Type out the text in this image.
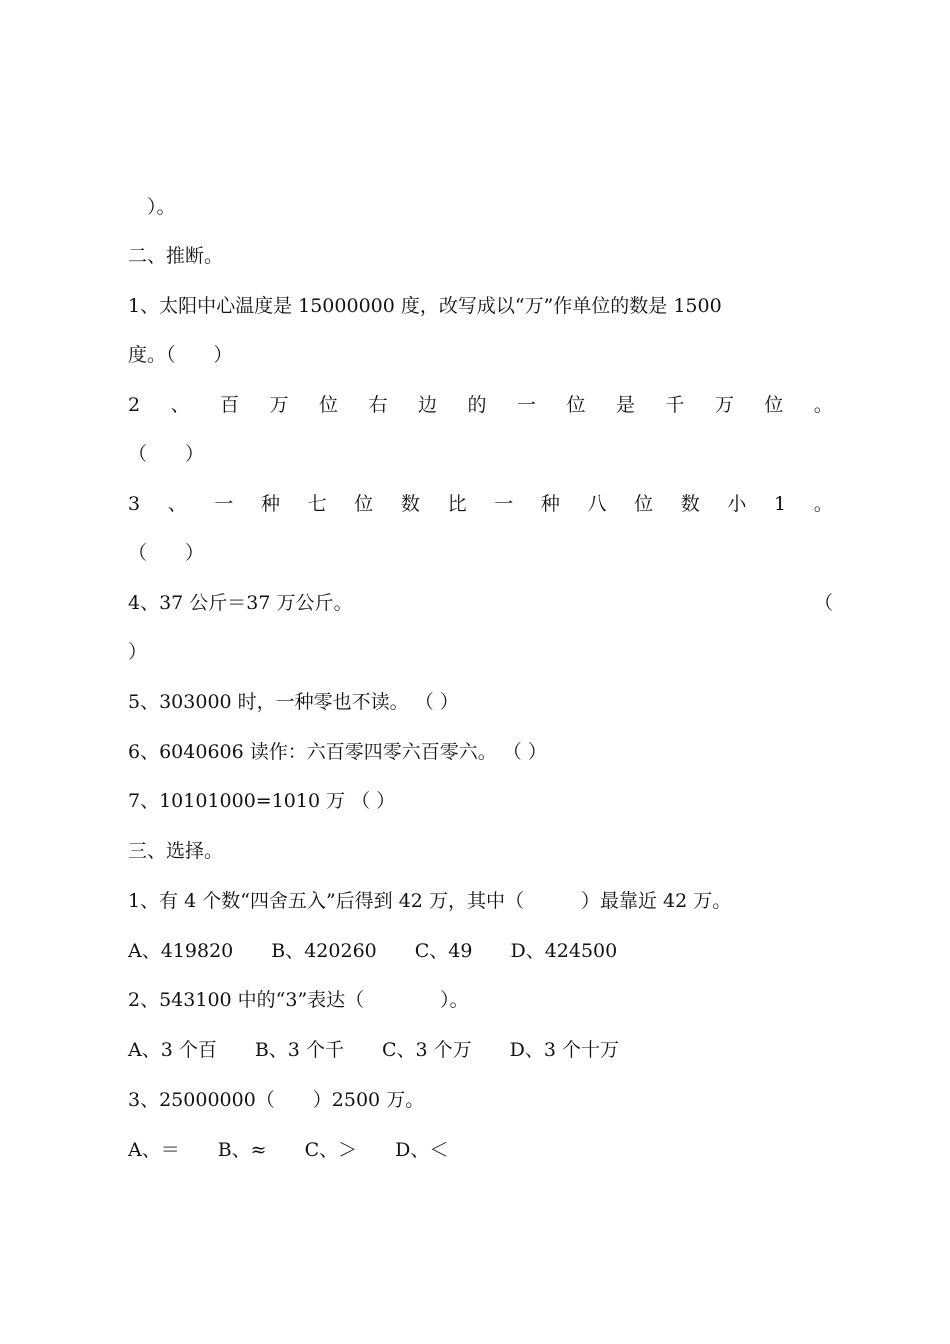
　）。
二、推断。
1、太阳中心温度是 15000000 度，改写成以“万”作单位的数是 1500
度。（　　）
2 、 百 万 位 右 边 的 一 位 是 千 万 位 。
（　　）
3 、 一 种 七 位 数 比 一 种 八 位 数 小 1 。
（　　）
4、37 公斤＝37 万公斤。	（
）
5、303000 时，一种零也不读。 （ ）
6、6040606 读作：六百零四零六百零六。 （ ）
7、10101000=1010 万 （ ）
三、选择。
1、有 4 个数“四舍五入”后得到 42 万，其中（　　　）最靠近 42 万。
A、419820　　B、420260　　C、49　　D、424500
2、543100 中的“3”表达（　　　　）。
A、3 个百　　B、3 个千　　C、3 个万　　D、3 个十万
3、25000000（　　）2500 万。
A、＝　　B、≈　　C、＞　　D、＜
